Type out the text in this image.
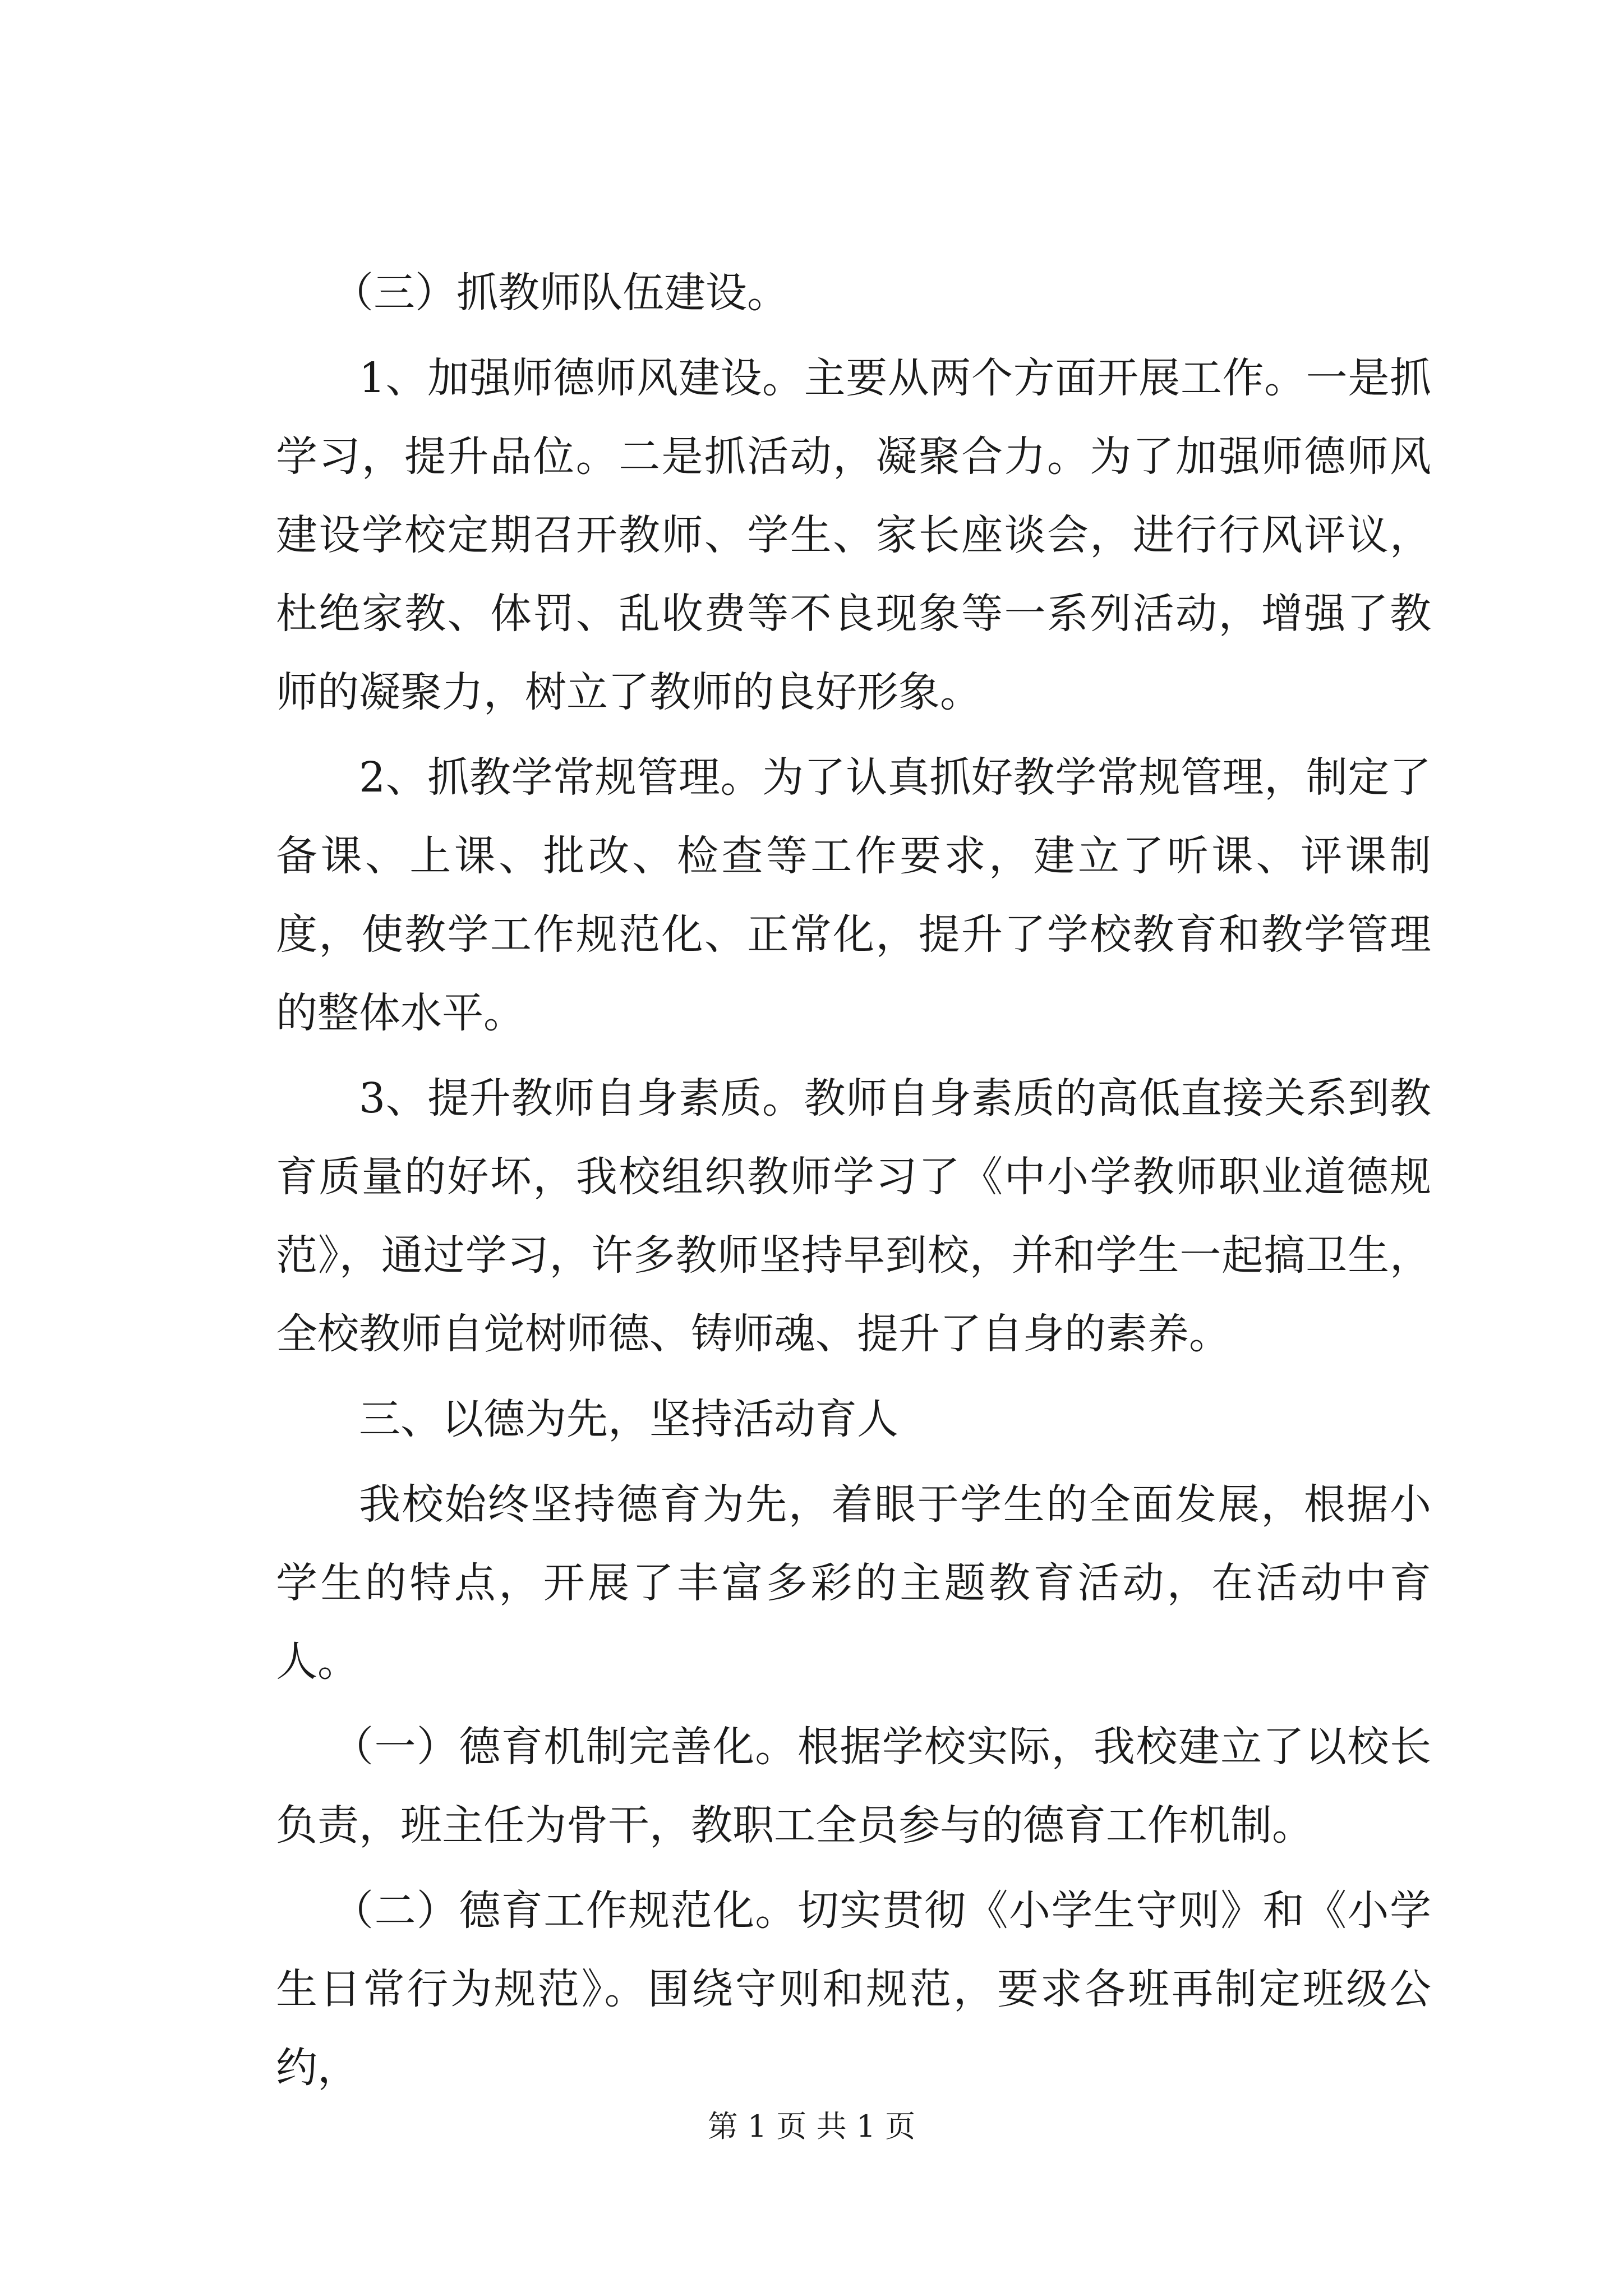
（三）抓教师队伍建设。

1、加强师德师风建设。主要从两个方面开展工作。一是抓学习，提升品位。二是抓活动，凝聚合力。为了加强师德师风建设学校定期召开教师、学生、家长座谈会，进行行风评议，杜绝家教、体罚、乱收费等不良现象等一系列活动，增强了教师的凝聚力，树立了教师的良好形象。

2、抓教学常规管理。为了认真抓好教学常规管理，制定了备课、上课、批改、检查等工作要求，建立了听课、评课制度，使教学工作规范化、正常化，提升了学校教育和教学管理的整体水平。

3、提升教师自身素质。教师自身素质的高低直接关系到教育质量的好坏，我校组织教师学习了《中小学教师职业道德规范》，通过学习，许多教师坚持早到校，并和学生一起搞卫生，全校教师自觉树师德、铸师魂、提升了自身的素养。

三、以德为先，坚持活动育人

我校始终坚持德育为先，着眼于学生的全面发展，根据小学生的特点，开展了丰富多彩的主题教育活动，在活动中育人。

（一）德育机制完善化。根据学校实际，我校建立了以校长负责，班主任为骨干，教职工全员参与的德育工作机制。

（二）德育工作规范化。切实贯彻《小学生守则》和《小学生日常行为规范》。围绕守则和规范，要求各班再制定班级公约，

第 1 页 共 1 页
